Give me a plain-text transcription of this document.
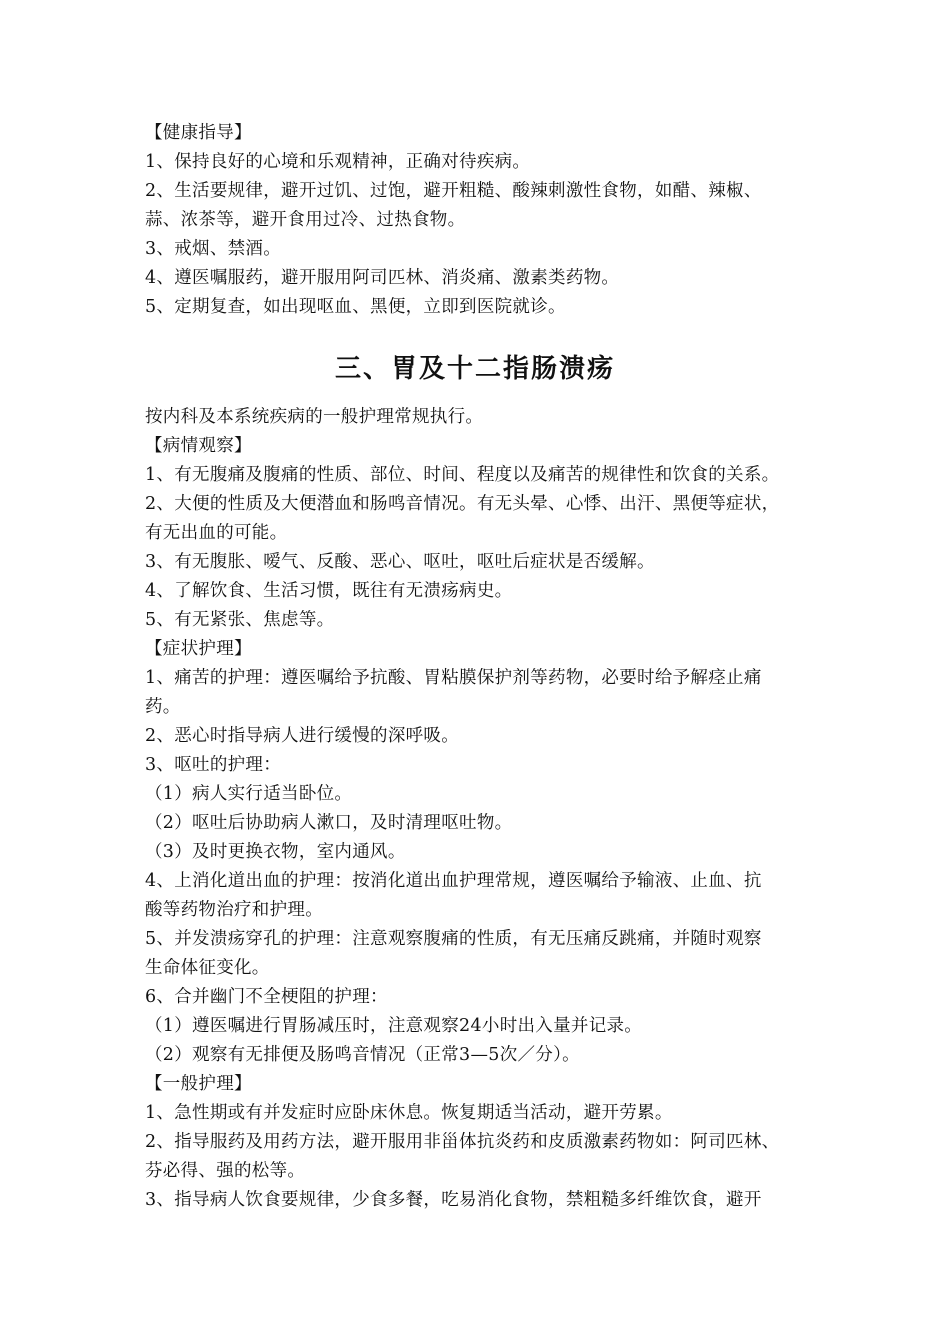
【健康指导】
1、保持良好的心境和乐观精神，正确对待疾病。
2、生活要规律，避开过饥、过饱，避开粗糙、酸辣刺激性食物，如醋、辣椒、
蒜、浓茶等，避开食用过冷、过热食物。
3、戒烟、禁酒。
4、遵医嘱服药，避开服用阿司匹林、消炎痛、激素类药物。
5、定期复查，如出现呕血、黑便，立即到医院就诊。
三、胃及十二指肠溃疡
按内科及本系统疾病的一般护理常规执行。
【病情观察】
1、有无腹痛及腹痛的性质、部位、时间、程度以及痛苦的规律性和饮食的关系。
2、大便的性质及大便潜血和肠鸣音情况。有无头晕、心悸、出汗、黑便等症状，
有无出血的可能。
3、有无腹胀、嗳气、反酸、恶心、呕吐，呕吐后症状是否缓解。
4、了解饮食、生活习惯，既往有无溃疡病史。
5、有无紧张、焦虑等。
【症状护理】
1、痛苦的护理：遵医嘱给予抗酸、胃粘膜保护剂等药物，必要时给予解痉止痛
药。
2、恶心时指导病人进行缓慢的深呼吸。
3、呕吐的护理：
（1）病人实行适当卧位。
（2）呕吐后协助病人漱口，及时清理呕吐物。
（3）及时更换衣物，室内通风。
4、上消化道出血的护理：按消化道出血护理常规，遵医嘱给予输液、止血、抗
酸等药物治疗和护理。
5、并发溃疡穿孔的护理：注意观察腹痛的性质，有无压痛反跳痛，并随时观察
生命体征变化。
6、合并幽门不全梗阻的护理：
（1）遵医嘱进行胃肠减压时，注意观察24小时出入量并记录。
（2）观察有无排便及肠鸣音情况（正常3—5次／分）。
【一般护理】
1、急性期或有并发症时应卧床休息。恢复期适当活动，避开劳累。
2、指导服药及用药方法，避开服用非甾体抗炎药和皮质激素药物如：阿司匹林、
芬必得、强的松等。
3、指导病人饮食要规律，少食多餐，吃易消化食物，禁粗糙多纤维饮食，避开
